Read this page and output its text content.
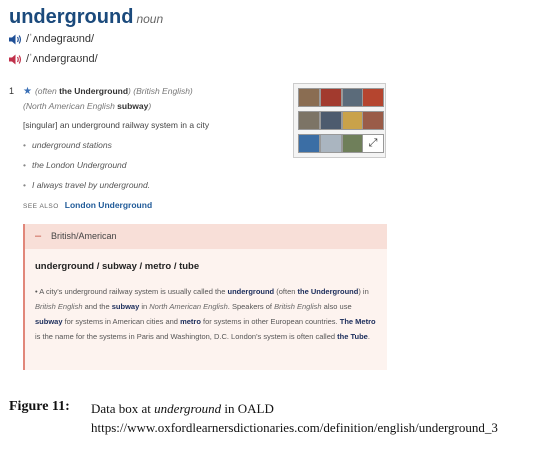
underground noun
/ˈʌndəɡraʊnd/
/ˈʌndərɡraʊnd/
1 ★ (often the Underground) (British English)
(North American English subway)
[singular] an underground railway system in a city
• underground stations
• the London Underground
• I always travel by underground.
SEE ALSO London Underground
⤢
– British/American
underground / subway / metro / tube
• A city's underground railway system is usually called the underground (often the Underground) in British English and the subway in North American English. Speakers of British English also use subway for systems in American cities and metro for systems in other European countries. The Metro is the name for the systems in Paris and Washington, D.C. London's system is often called the Tube.
Figure 11: Data box at underground in OALD
https://www.oxfordlearnersdictionaries.com/definition/english/underground_3
